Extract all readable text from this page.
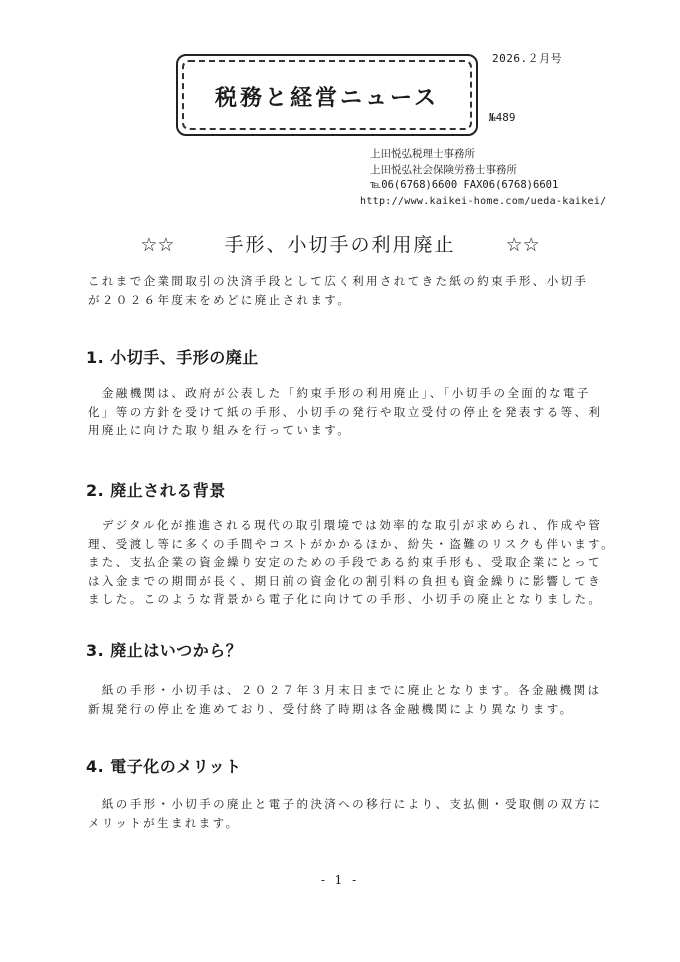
2026.２月号
税務と経営ニュース
№489
上田悦弘税理士事務所
上田悦弘社会保険労務士事務所
℡06(6768)6600 FAX06(6768)6601
http://www.kaikei-home.com/ueda-kaikei/
☆☆	手形、小切手の利用廃止	☆☆
これまで企業間取引の決済手段として広く利用されてきた紙の約束手形、小切手
が２０２６年度末をめどに廃止されます。
1. 小切手、手形の廃止
　金融機関は、政府が公表した「約束手形の利用廃止」、「小切手の全面的な電子
化」等の方針を受けて紙の手形、小切手の発行や取立受付の停止を発表する等、利
用廃止に向けた取り組みを行っています。
2. 廃止される背景
　デジタル化が推進される現代の取引環境では効率的な取引が求められ、作成や管
理、受渡し等に多くの手間やコストがかかるほか、紛失・盗難のリスクも伴います。
また、支払企業の資金繰り安定のための手段である約束手形も、受取企業にとって
は入金までの期間が長く、期日前の資金化の割引料の負担も資金繰りに影響してき
ました。このような背景から電子化に向けての手形、小切手の廃止となりました。
3. 廃止はいつから？
　紙の手形・小切手は、２０２７年３月末日までに廃止となります。各金融機関は
新規発行の停止を進めており、受付終了時期は各金融機関により異なります。
4. 電子化のメリット
　紙の手形・小切手の廃止と電子的決済への移行により、支払側・受取側の双方に
メリットが生まれます。
- 1 -
